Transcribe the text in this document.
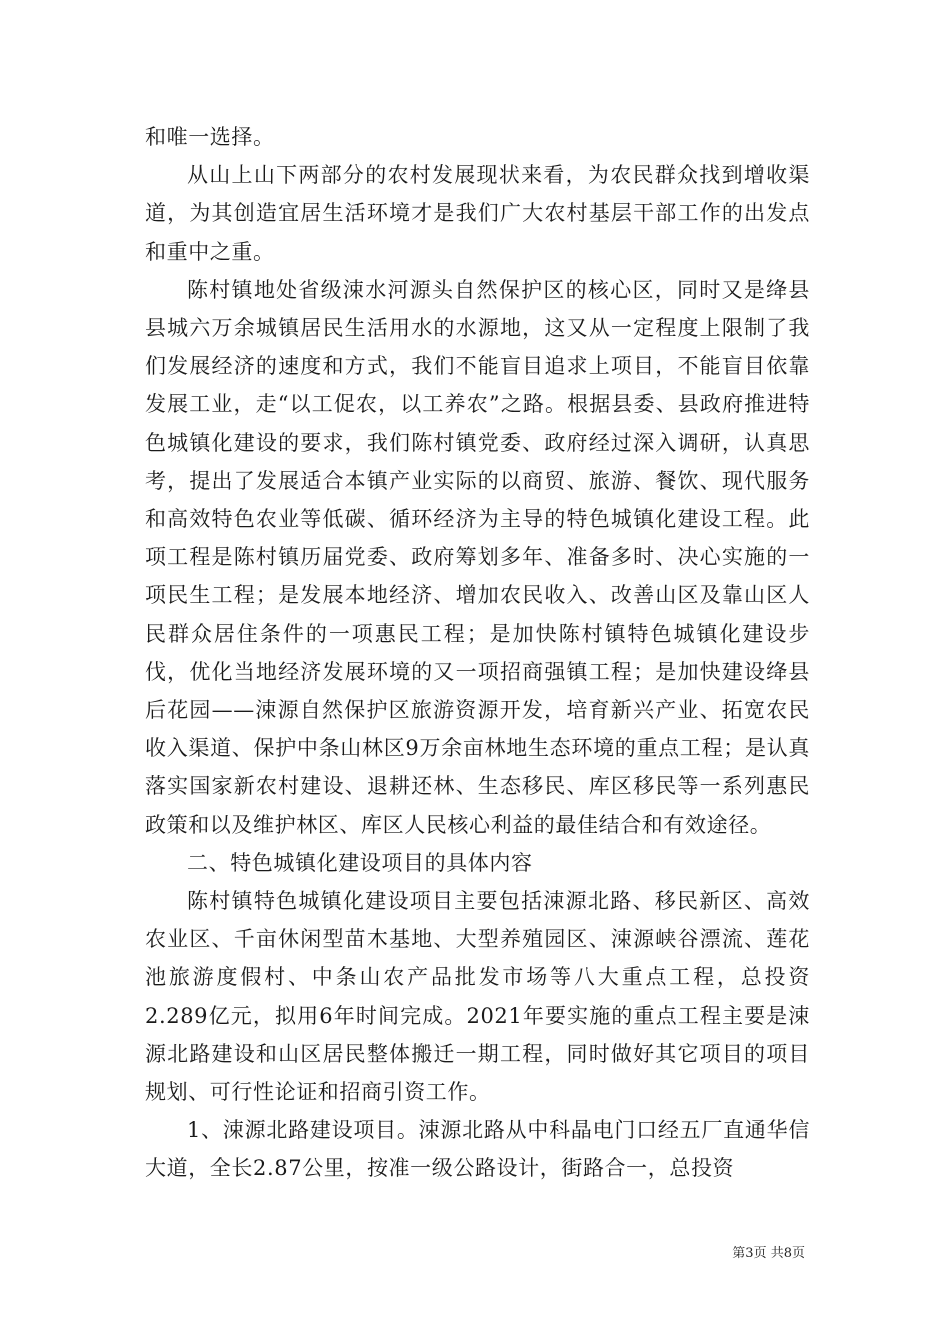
和唯一选择。

从山上山下两部分的农村发展现状来看，为农民群众找到增收渠道，为其创造宜居生活环境才是我们广大农村基层干部工作的出发点和重中之重。

陈村镇地处省级涑水河源头自然保护区的核心区，同时又是绛县县城六万余城镇居民生活用水的水源地，这又从一定程度上限制了我们发展经济的速度和方式，我们不能盲目追求上项目，不能盲目依靠发展工业，走“以工促农，以工养农”之路。根据县委、县政府推进特色城镇化建设的要求，我们陈村镇党委、政府经过深入调研，认真思考，提出了发展适合本镇产业实际的以商贸、旅游、餐饮、现代服务和高效特色农业等低碳、循环经济为主导的特色城镇化建设工程。此项工程是陈村镇历届党委、政府筹划多年、准备多时、决心实施的一项民生工程；是发展本地经济、增加农民收入、改善山区及靠山区人民群众居住条件的一项惠民工程；是加快陈村镇特色城镇化建设步伐，优化当地经济发展环境的又一项招商强镇工程；是加快建设绛县后花园——涑源自然保护区旅游资源开发，培育新兴产业、拓宽农民收入渠道、保护中条山林区9万余亩林地生态环境的重点工程；是认真落实国家新农村建设、退耕还林、生态移民、库区移民等一系列惠民政策和以及维护林区、库区人民核心利益的最佳结合和有效途径。

二、特色城镇化建设项目的具体内容

陈村镇特色城镇化建设项目主要包括涑源北路、移民新区、高效农业区、千亩休闲型苗木基地、大型养殖园区、涑源峡谷漂流、莲花池旅游度假村、中条山农产品批发市场等八大重点工程，总投资2.289亿元，拟用6年时间完成。2021年要实施的重点工程主要是涑源北路建设和山区居民整体搬迁一期工程，同时做好其它项目的项目规划、可行性论证和招商引资工作。

1、涑源北路建设项目。涑源北路从中科晶电门口经五厂直通华信大道，全长2.87公里，按准一级公路设计，街路合一，总投资

第3页 共8页
